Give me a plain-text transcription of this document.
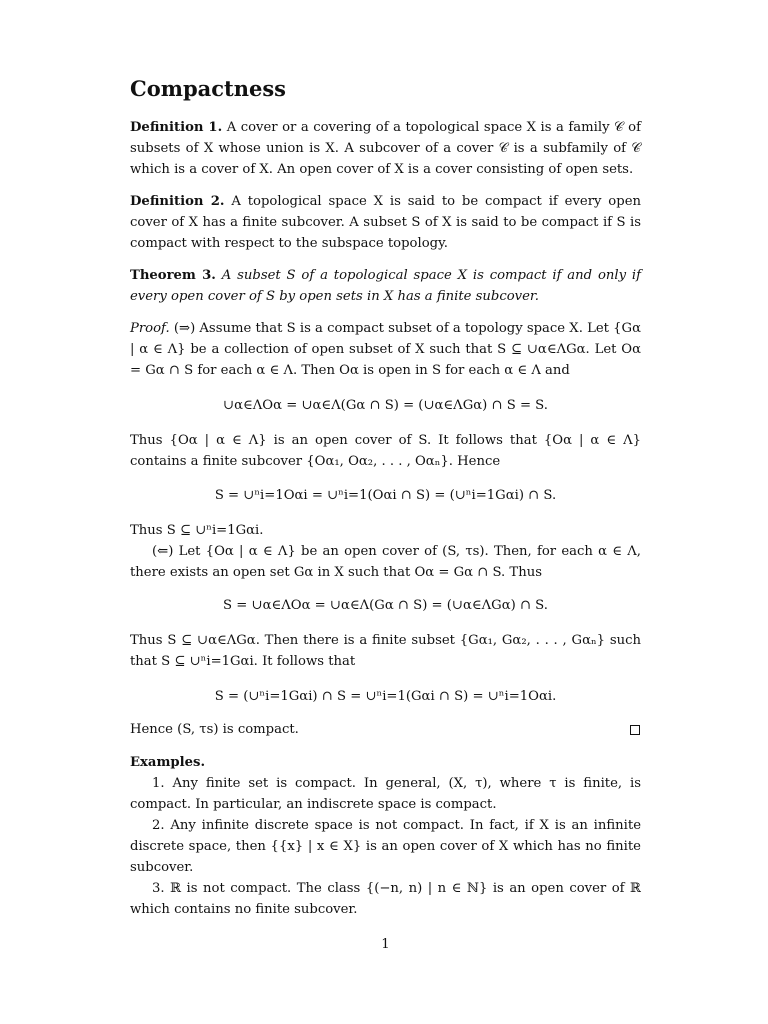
Compactness

Definition 1. A cover or a covering of a topological space X is a family 𝒞 of subsets of X whose union is X. A subcover of a cover 𝒞 is a subfamily of 𝒞 which is a cover of X. An open cover of X is a cover consisting of open sets.

Definition 2. A topological space X is said to be compact if every open cover of X has a finite subcover. A subset S of X is said to be compact if S is compact with respect to the subspace topology.

Theorem 3. A subset S of a topological space X is compact if and only if every open cover of S by open sets in X has a finite subcover.

Proof. (⇒) Assume that S is a compact subset of a topology space X. Let {Gα | α ∈ Λ} be a collection of open subset of X such that S ⊆ ∪α∈ΛGα. Let Oα = Gα ∩ S for each α ∈ Λ. Then Oα is open in S for each α ∈ Λ and

∪α∈ΛOα = ∪α∈Λ(Gα ∩ S) = (∪α∈ΛGα) ∩ S = S.

Thus {Oα | α ∈ Λ} is an open cover of S. It follows that {Oα | α ∈ Λ} contains a finite subcover {Oα₁, Oα₂, . . . , Oαₙ}. Hence

S = ∪ⁿi=1Oαi = ∪ⁿi=1(Oαi ∩ S) = (∪ⁿi=1Gαi) ∩ S.

Thus S ⊆ ∪ⁿi=1Gαi.

(⇐) Let {Oα | α ∈ Λ} be an open cover of (S, τs). Then, for each α ∈ Λ, there exists an open set Gα in X such that Oα = Gα ∩ S. Thus

S = ∪α∈ΛOα = ∪α∈Λ(Gα ∩ S) = (∪α∈ΛGα) ∩ S.

Thus S ⊆ ∪α∈ΛGα. Then there is a finite subset {Gα₁, Gα₂, . . . , Gαₙ} such that S ⊆ ∪ⁿi=1Gαi. It follows that

S = (∪ⁿi=1Gαi) ∩ S = ∪ⁿi=1(Gαi ∩ S) = ∪ⁿi=1Oαi.

Hence (S, τs) is compact.

Examples.

1. Any finite set is compact. In general, (X, τ), where τ is finite, is compact. In particular, an indiscrete space is compact.

2. Any infinite discrete space is not compact. In fact, if X is an infinite discrete space, then {{x} | x ∈ X} is an open cover of X which has no finite subcover.

3. ℝ is not compact. The class {(−n, n) | n ∈ ℕ} is an open cover of ℝ which contains no finite subcover.

1
